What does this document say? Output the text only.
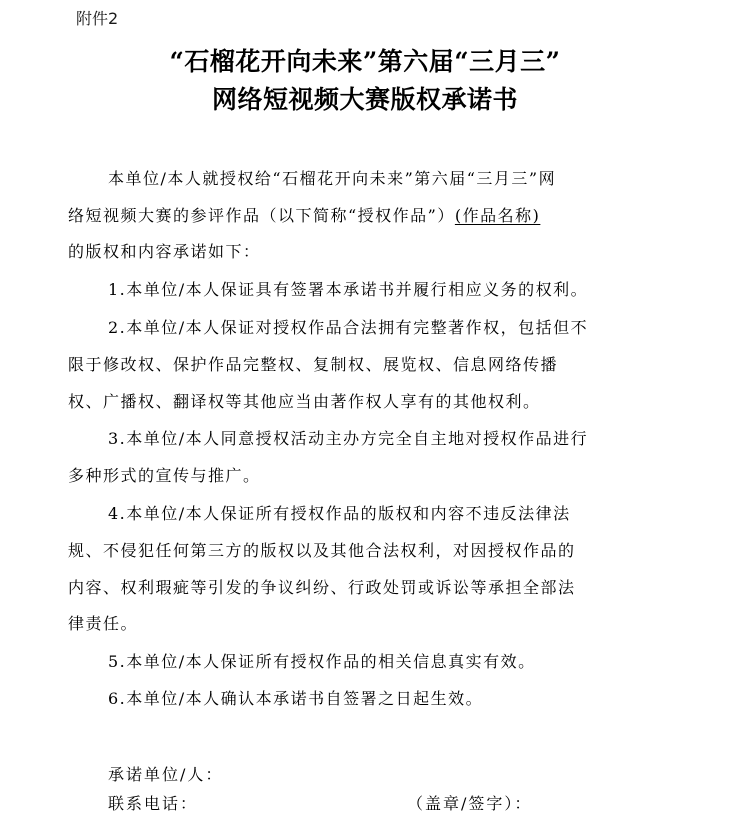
附件2
“石榴花开向未来”第六届“三月三”
网络短视频大赛版权承诺书
本单位/本人就授权给“石榴花开向未来”第六届“三月三”网
络短视频大赛的参评作品（以下简称“授权作品”）(作品名称)
的版权和内容承诺如下：
1.本单位/本人保证具有签署本承诺书并履行相应义务的权利。
2.本单位/本人保证对授权作品合法拥有完整著作权，包括但不
限于修改权、保护作品完整权、复制权、展览权、信息网络传播
权、广播权、翻译权等其他应当由著作权人享有的其他权利。
3.本单位/本人同意授权活动主办方完全自主地对授权作品进行
多种形式的宣传与推广。
4.本单位/本人保证所有授权作品的版权和内容不违反法律法
规、不侵犯任何第三方的版权以及其他合法权利，对因授权作品的
内容、权利瑕疵等引发的争议纠纷、行政处罚或诉讼等承担全部法
律责任。
5.本单位/本人保证所有授权作品的相关信息真实有效。
6.本单位/本人确认本承诺书自签署之日起生效。
承诺单位/人：
联系电话：	（盖章/签字）：
